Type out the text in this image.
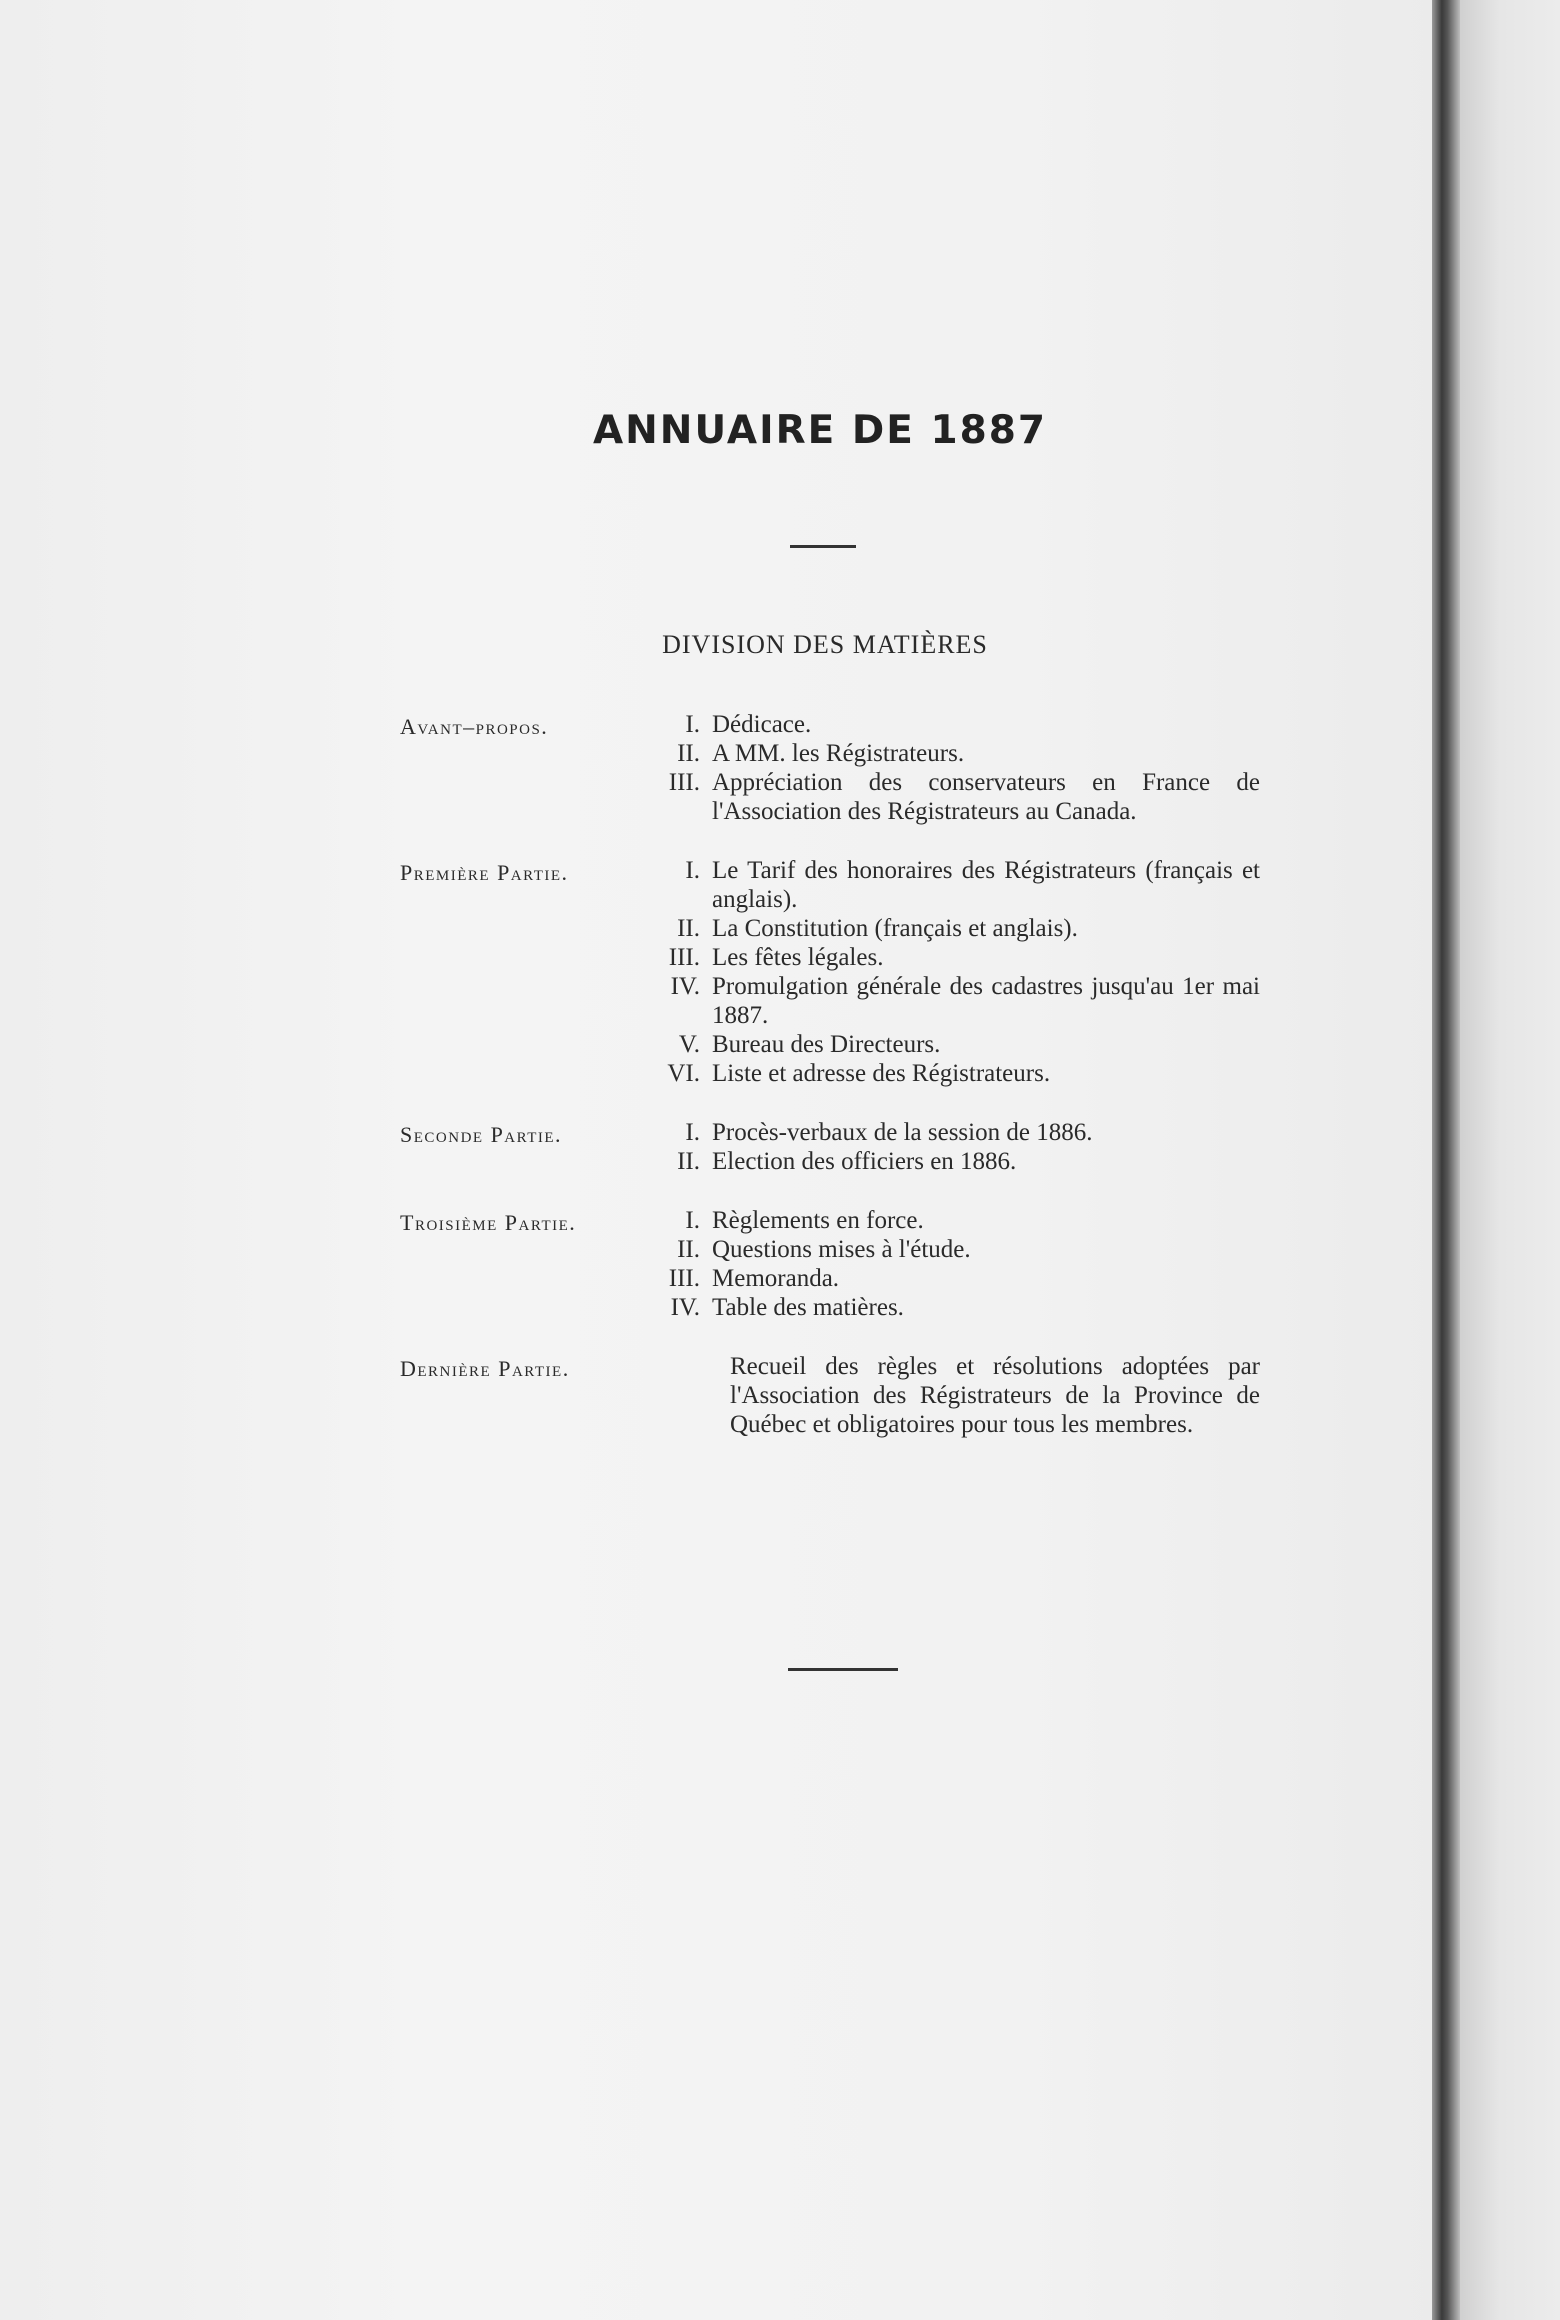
ANNUAIRE DE 1887
DIVISION DES MATIÈRES
Avant–propos.	I. Dédicace.
II. A MM. les Régistrateurs.
III. Appréciation des conservateurs en France de l'Association des Régistrateurs au Canada.
Première Partie.	I. Le Tarif des honoraires des Régistrateurs (français et anglais).
II. La Constitution (français et anglais).
III. Les fêtes légales.
IV. Promulgation générale des cadastres jusqu'au 1er mai 1887.
V. Bureau des Directeurs.
VI. Liste et adresse des Régistrateurs.
Seconde Partie.	I. Procès-verbaux de la session de 1886.
II. Election des officiers en 1886.
Troisième Partie.	I. Règlements en force.
II. Questions mises à l'étude.
III. Memoranda.
IV. Table des matières.
Dernière Partie.	Recueil des règles et résolutions adoptées par l'Association des Régistrateurs de la Province de Québec et obligatoires pour tous les membres.
